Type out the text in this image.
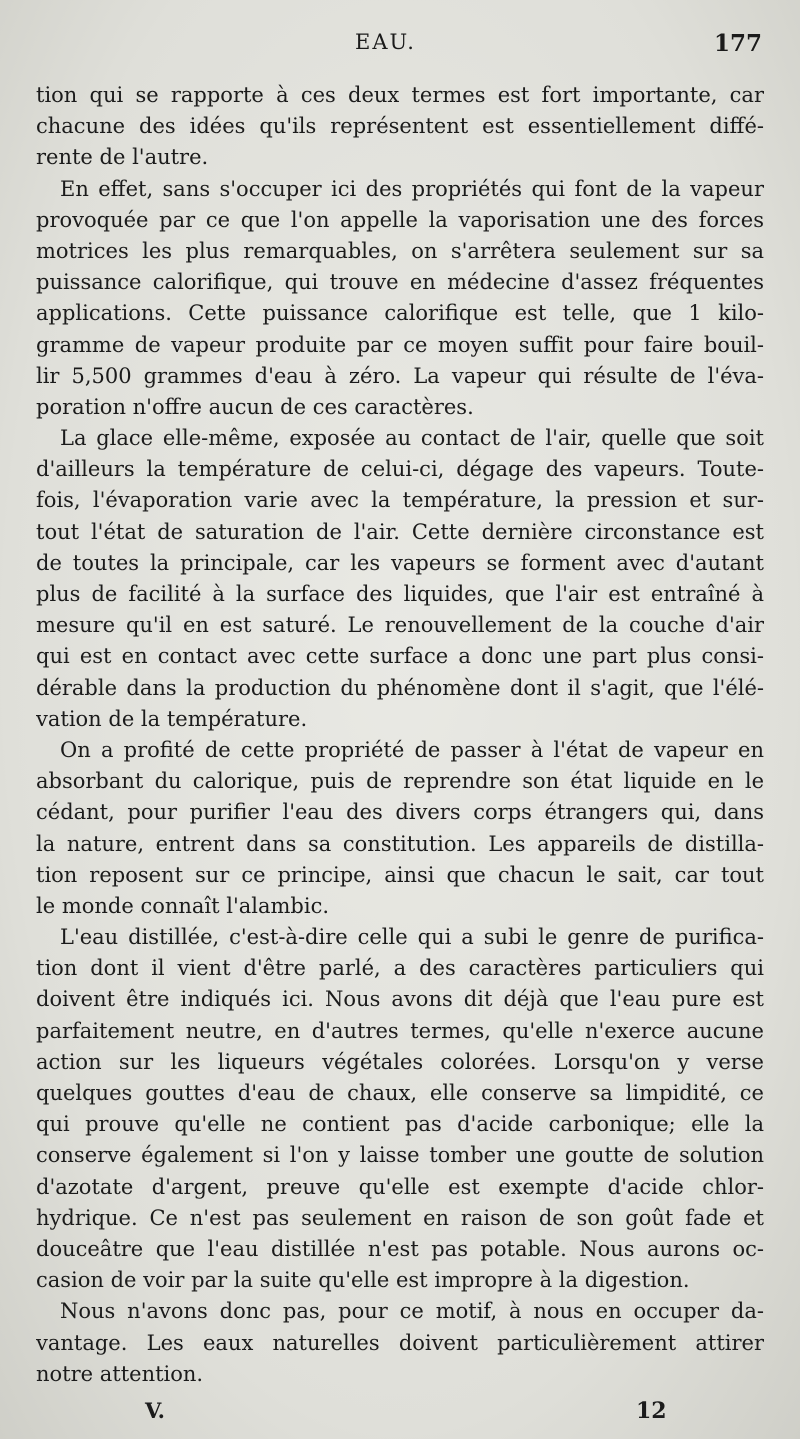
EAU.	177
tion qui se rapporte à ces deux termes est fort importante, car
chacune des idées qu'ils représentent est essentiellement diffé-
rente de l'autre.
En effet, sans s'occuper ici des propriétés qui font de la vapeur
provoquée par ce que l'on appelle la vaporisation une des forces
motrices les plus remarquables, on s'arrêtera seulement sur sa
puissance calorifique, qui trouve en médecine d'assez fréquentes
applications. Cette puissance calorifique est telle, que 1 kilo-
gramme de vapeur produite par ce moyen suffit pour faire bouil-
lir 5,500 grammes d'eau à zéro. La vapeur qui résulte de l'éva-
poration n'offre aucun de ces caractères.
La glace elle-même, exposée au contact de l'air, quelle que soit
d'ailleurs la température de celui-ci, dégage des vapeurs. Toute-
fois, l'évaporation varie avec la température, la pression et sur-
tout l'état de saturation de l'air. Cette dernière circonstance est
de toutes la principale, car les vapeurs se forment avec d'autant
plus de facilité à la surface des liquides, que l'air est entraîné à
mesure qu'il en est saturé. Le renouvellement de la couche d'air
qui est en contact avec cette surface a donc une part plus consi-
dérable dans la production du phénomène dont il s'agit, que l'élé-
vation de la température.
On a profité de cette propriété de passer à l'état de vapeur en
absorbant du calorique, puis de reprendre son état liquide en le
cédant, pour purifier l'eau des divers corps étrangers qui, dans
la nature, entrent dans sa constitution. Les appareils de distilla-
tion reposent sur ce principe, ainsi que chacun le sait, car tout
le monde connaît l'alambic.
L'eau distillée, c'est-à-dire celle qui a subi le genre de purifica-
tion dont il vient d'être parlé, a des caractères particuliers qui
doivent être indiqués ici. Nous avons dit déjà que l'eau pure est
parfaitement neutre, en d'autres termes, qu'elle n'exerce aucune
action sur les liqueurs végétales colorées. Lorsqu'on y verse
quelques gouttes d'eau de chaux, elle conserve sa limpidité, ce
qui prouve qu'elle ne contient pas d'acide carbonique; elle la
conserve également si l'on y laisse tomber une goutte de solution
d'azotate d'argent, preuve qu'elle est exempte d'acide chlor-
hydrique. Ce n'est pas seulement en raison de son goût fade et
douceâtre que l'eau distillée n'est pas potable. Nous aurons oc-
casion de voir par la suite qu'elle est impropre à la digestion.
Nous n'avons donc pas, pour ce motif, à nous en occuper da-
vantage. Les eaux naturelles doivent particulièrement attirer
notre attention.
V.	12
